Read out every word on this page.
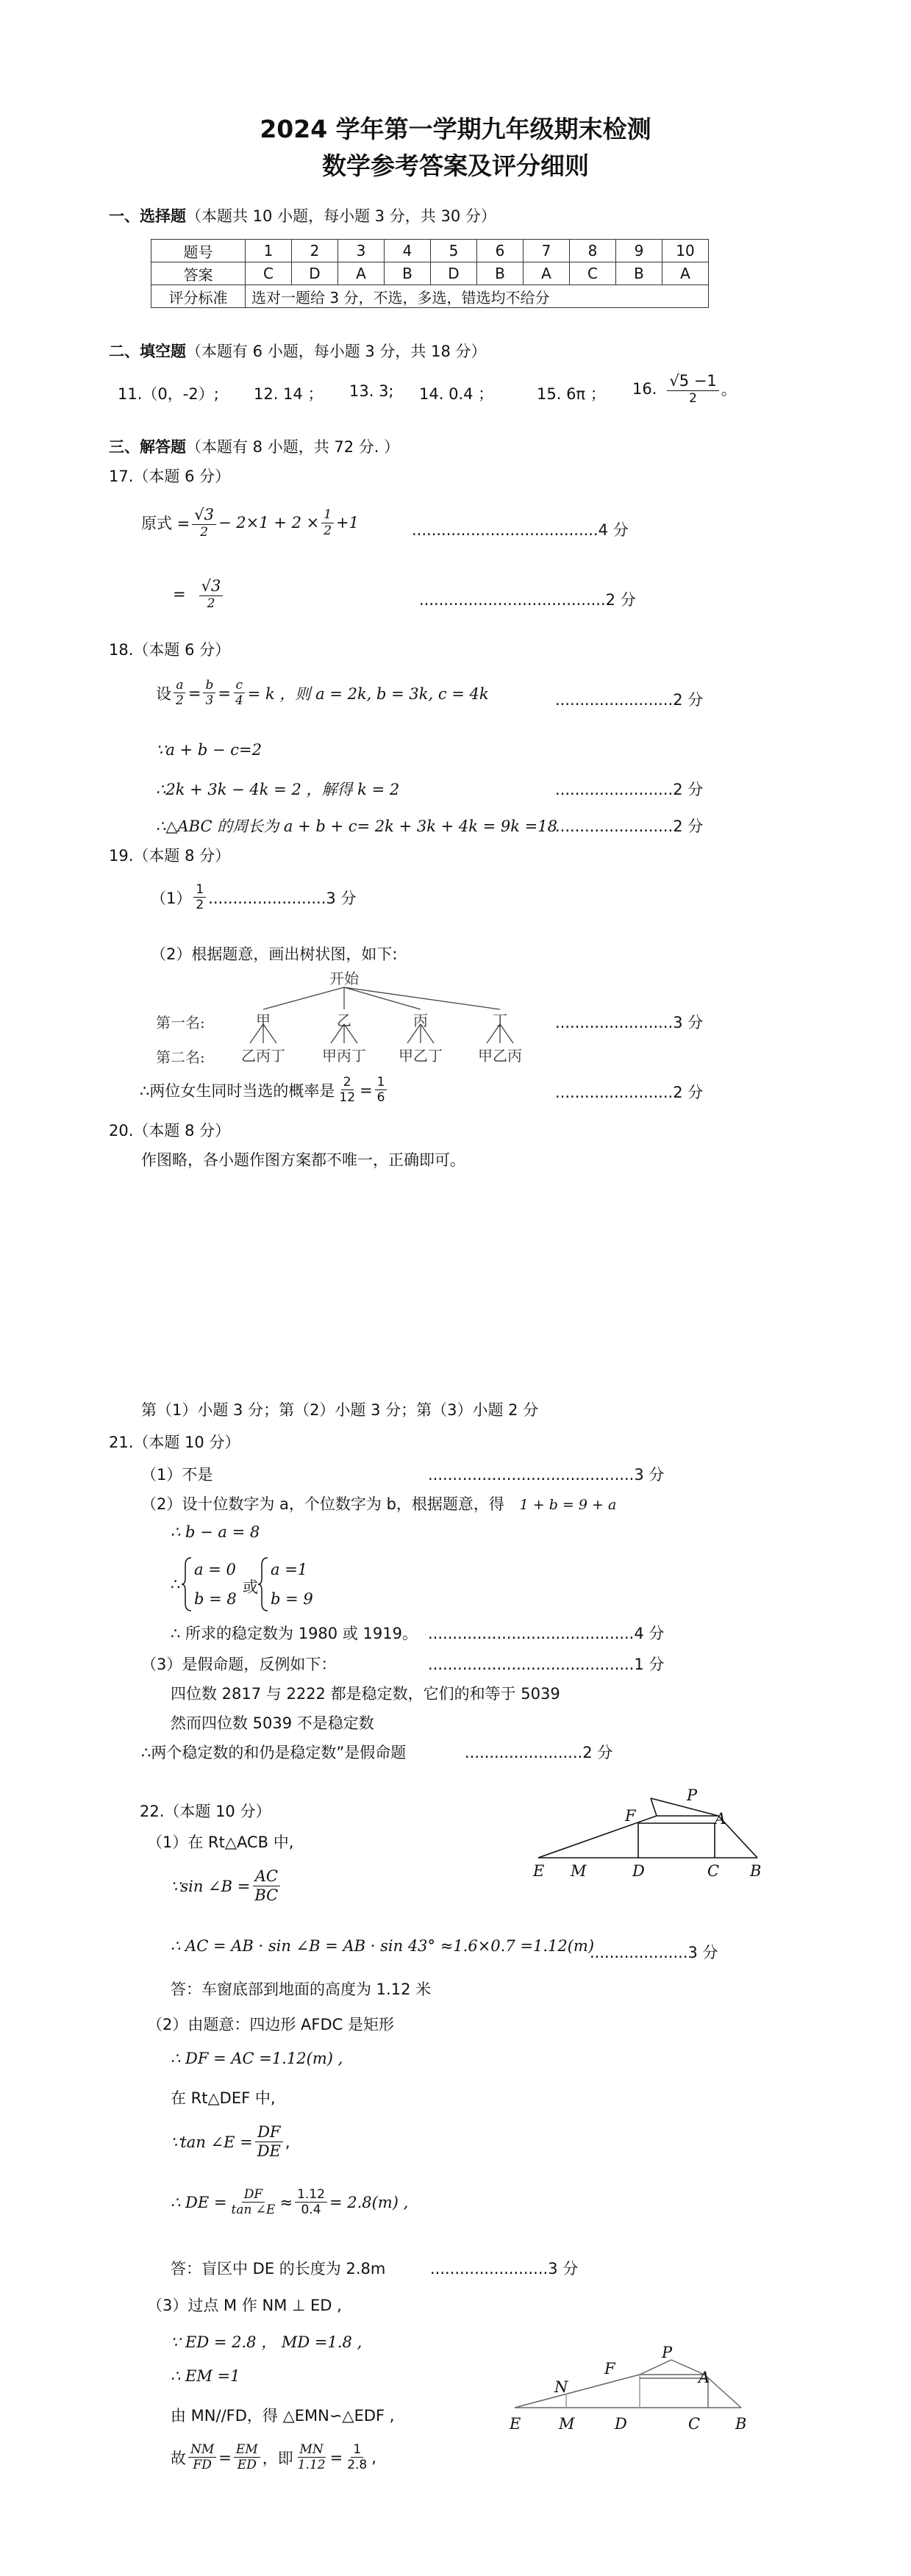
2024 学年第一学期九年级期末检测
数学参考答案及评分细则
一、选择题（本题共 10 小题，每小题 3 分，共 30 分）
题号	1	2	3	4	5	6	7	8	9	10
答案	C	D	A	B	D	B	A	C	B	A
评分标准	选对一题给 3 分，不选，多选，错选均不给分									
二、填空题（本题有 6 小题，每小题 3 分，共 18 分）
11.（0，-2）; 12. 14 ； 13. 3; 14. 0.4 ；	15. 6π ； 16. √5 −1
2 。
三、解答题（本题有 8 小题，共 72 分. ）
17.（本题 6 分）
原式 =
√3
2
− $2\times 1 + 2 \times \frac{1}{2} +1$	......................................4 分
= √3
2	......................................2 分
18.（本题 6 分）
设 $\frac{a}{2} = \frac{b}{3} = \frac{c}{4} = k$ ，则 a = 2k, b = 3k, c = 4k	........................2 分
∵a + b − c=2
∴2k + 3k − 4k = 2 ，解得 k = 2	........................2 分
∴△ABC 的周长为 a + b + c= 2k + 3k + 4k = 9k =18
........................2 分
19.（本题 8 分）
$(1) \frac{1}{2} ........................3$ 分
（2）根据题意，画出树状图，如下:
开始
第一名:
第二名:
甲	乙	丙	丁
乙丙丁	甲丙丁 甲乙丁 甲乙丙
........................3 分
∴两位女生同时当选的概率是 $\frac{2}{12} = \frac{1}{6}$	........................2 分
20.（本题 8 分）
作图略，各小题作图方案都不唯一，正确即可。
第（1）小题 3 分；第（2）小题 3 分；第（3）小题 2 分
21.（本题 10 分）
（1）不是	..........................................3 分
（2）设十位数字为 a，个位数字为 b，根据题意，得 1 + b = 9 + a
∴ b − a = 8
∴
a = 0
b = 8
或
a =1
b = 9
∴ 所求的稳定数为 1980 或 1919。 ..........................................4 分
（3）是假命题，反例如下：	..........................................1 分
四位数 2817 与 2222 都是稳定数，它们的和等于 5039
然而四位数 5039 不是稳定数
∴两个稳定数的和仍是稳定数”是假命题	........................2 分
22.（本题 10 分）
（1）在 Rt△ACB 中,
E M	D	C B
F	A
P
∵sin ∠B = $\frac{AC}{BC}$
∴ AC = AB · sin ∠B = AB · sin 43° ≈1.6×0.7 =1.12(m)
....................3 分
答：车窗底部到地面的高度为 1.12 米
（2）由题意：四边形 AFDC 是矩形
∴ DF = AC =1.12(m) ,
在 Rt△DEF 中,
∵tan ∠E = $\frac{DF}{DE}$ ,
∴ DE = $\frac{DF}{\tan \angle E} \approx \frac{1.12}{0.4} = 2.8(m)$ ,
答：盲区中 DE 的长度为 2.8m	........................3 分
（3）过点 M 作 NM ⊥ ED ,
∵ ED = 2.8 ， MD =1.8 ,
∴ EM =1
由 MN//FD，得 △EMN∽△EDF ,
故 $\frac{NM}{FD} = \frac{EM}{ED}$ ，即 $\frac{MN}{1.12} = \frac{1}{2.8}$ ,
E M	D	C B
F	A
P
N
